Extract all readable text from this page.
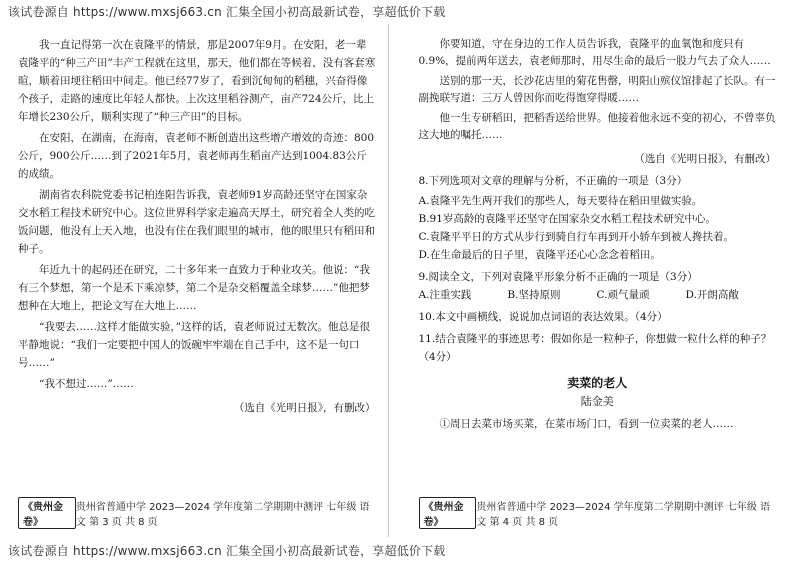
该试卷源自 https://www.mxsj663.cn 汇集全国小初高最新试卷，享超低价下载

我一直记得第一次在袁隆平的情景，那是2007年9月。在安阳，老一辈袁隆平的“种三产田”丰产工程就在这里，那天，他们都在等候着，没有客套寒暄，顺着田埂往稻田中间走。他已经77岁了，看到沉甸甸的稻穗，兴奋得像个孩子，走路的速度比年轻人都快。上次这里稻谷测产，亩产724公斤，比上年增长230公斤，顺利实现了“种三产田”的目标。

在安阳，在湖南，在海南，袁老师不断创造出这些增产增效的奇迹：800公斤，900公斤……到了2021年5月，袁老师再生稻亩产达到1004.83公斤的成绩。

湖南省农科院党委书记柏连阳告诉我，袁老师91岁高龄还坚守在国家杂交水稻工程技术研究中心。这位世界科学家走遍高天厚土，研究着全人类的吃饭问题，他没有上天入地，也没有住在我们眼里的城市，他的眼里只有稻田和种子。

年近九十的起码还在研究，二十多年来一直致力于种业攻关。他说：“我有三个梦想，第一个是禾下乘凉梦，第二个是杂交稻覆盖全球梦……”他把梦想种在大地上，把论文写在大地上……

“我要去……这样才能做实验，”这样的话，袁老师说过无数次。他总是很平静地说：“我们一定要把中国人的饭碗牢牢端在自己手中，这不是一句口号……”

“我不想过……”……

（选自《光明日报》，有删改）
《贵州金卷》
贵州省普通中学 2023—2024 学年度第二学期期中测评 七年级 语文 第 3 页 共 8 页

你要知道，守在身边的工作人员告诉我，袁隆平的血氧饱和度只有0.9%，提前两年送去，袁老师那时，用尽生命的最后一股力气去了众人……

送别的那一天，长沙花店里的菊花售罄，明阳山殡仪馆排起了长队。有一副挽联写道：三万人曾因你而吃得饱穿得暖……

他一生专研稻田，把稻香送给世界。他接着他永远不变的初心，不曾辜负这大地的嘱托……

（选自《光明日报》，有删改）
8.下列选项对文章的理解与分析，不正确的一项是（3分）
A.袁隆平先生两开我们的那些人，每天要待在稻田里做实验。
B.91岁高龄的袁隆平还坚守在国家杂交水稻工程技术研究中心。
C.袁隆平平日的方式从步行到骑自行车再到开小轿车到被人搀扶着。
D.在生命最后的日子里，袁隆平还心心念念着稻田。
9.阅读全文，下列对袁隆平形象分析不正确的一项是（3分）
A.注重实践	B.坚持原则	C.顽气量顽	D.开朗高敞
10.本文中画横线，说说加点词语的表达效果。（4分）
11.结合袁隆平的事迹思考：假如你是一粒种子，你想做一粒什么样的种子？（4分）
卖菜的老人
陆金美

①周日去菜市场买菜，在菜市场门口，看到一位卖菜的老人……

《贵州金卷》
贵州省普通中学 2023—2024 学年度第二学期期中测评 七年级 语文 第 4 页 共 8 页
该试卷源自 https://www.mxsj663.cn 汇集全国小初高最新试卷，享超低价下载
